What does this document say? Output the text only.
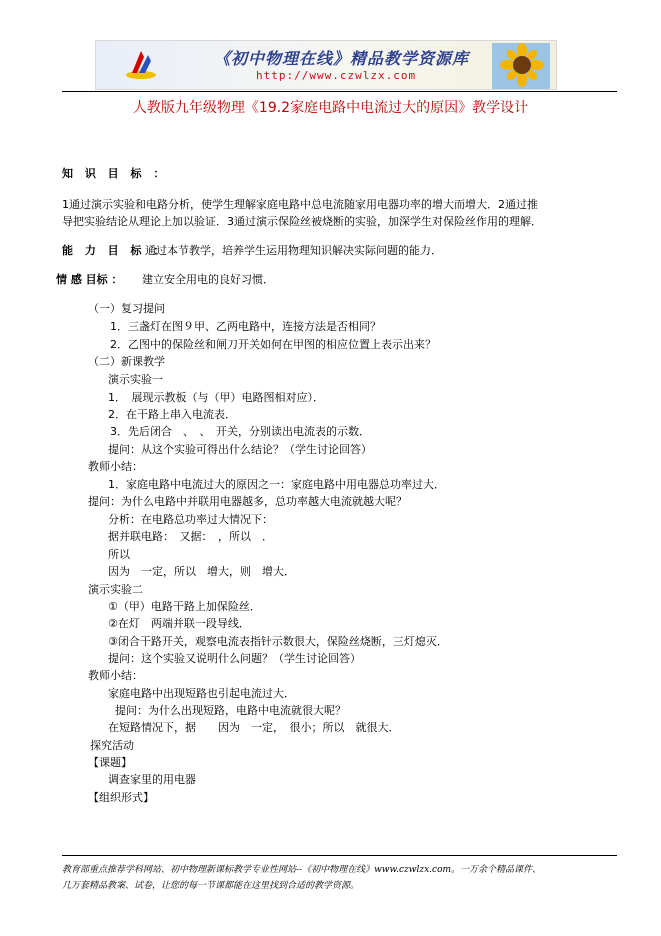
《初中物理在线》精品教学资源库
http://www.czwlzx.com
人教版九年级物理《19.2家庭电路中电流过大的原因》教学设计
知 识 目 标 ：
1通过演示实验和电路分析，使学生理解家庭电路中总电流随家用电器功率的增大而增大．2通过推
导把实验结论从理论上加以验证．3通过演示保险丝被烧断的实验，加深学生对保险丝作用的理解．
能 力 目 标 ：
通过本节教学，培养学生运用物理知识解决实际问题的能力．
情 感 目标 ： 建立安全用电的良好习惯．
（一）复习提问
1．三盏灯在图９甲、乙两电路中，连接方法是否相同？
2．乙图中的保险丝和闸刀开关如何在甲图的相应位置上表示出来？
（二）新课教学
演示实验一
1．　展现示教板（与（甲）电路图相对应）．
2．在干路上串入电流表．
3．先后闭合　、　、　开关，分别读出电流表的示数．
提问：从这个实验可得出什么结论？（学生讨论回答）
教师小结：
1．家庭电路中电流过大的原因之一：家庭电路中用电器总功率过大．
提问：为什么电路中并联用电器越多，总功率越大电流就越大呢？
分析：在电路总功率过大情况下：
据并联电路：　又据：　，所以　．
所以
因为　一定，所以　增大，则　增大．
演示实验二
①（甲）电路干路上加保险丝．
②在灯　两端并联一段导线．
③闭合干路开关，观察电流表指针示数很大，保险丝烧断，三灯熄灭．
提问：这个实验又说明什么问题？（学生讨论回答）
教师小结：
家庭电路中出现短路也引起电流过大．
提问：为什么出现短路，电路中电流就很大呢？
在短路情况下，据　　因为　一定，　很小；所以　就很大．
探究活动
【课题】
调查家里的用电器
【组织形式】
教育部重点推荐学科网站、初中物理新课标教学专业性网站--《初中物理在线》www.czwlzx.com。一万余个精品课件、
几万套精品教案、试卷，让您的每一节课都能在这里找到合适的教学资源。
